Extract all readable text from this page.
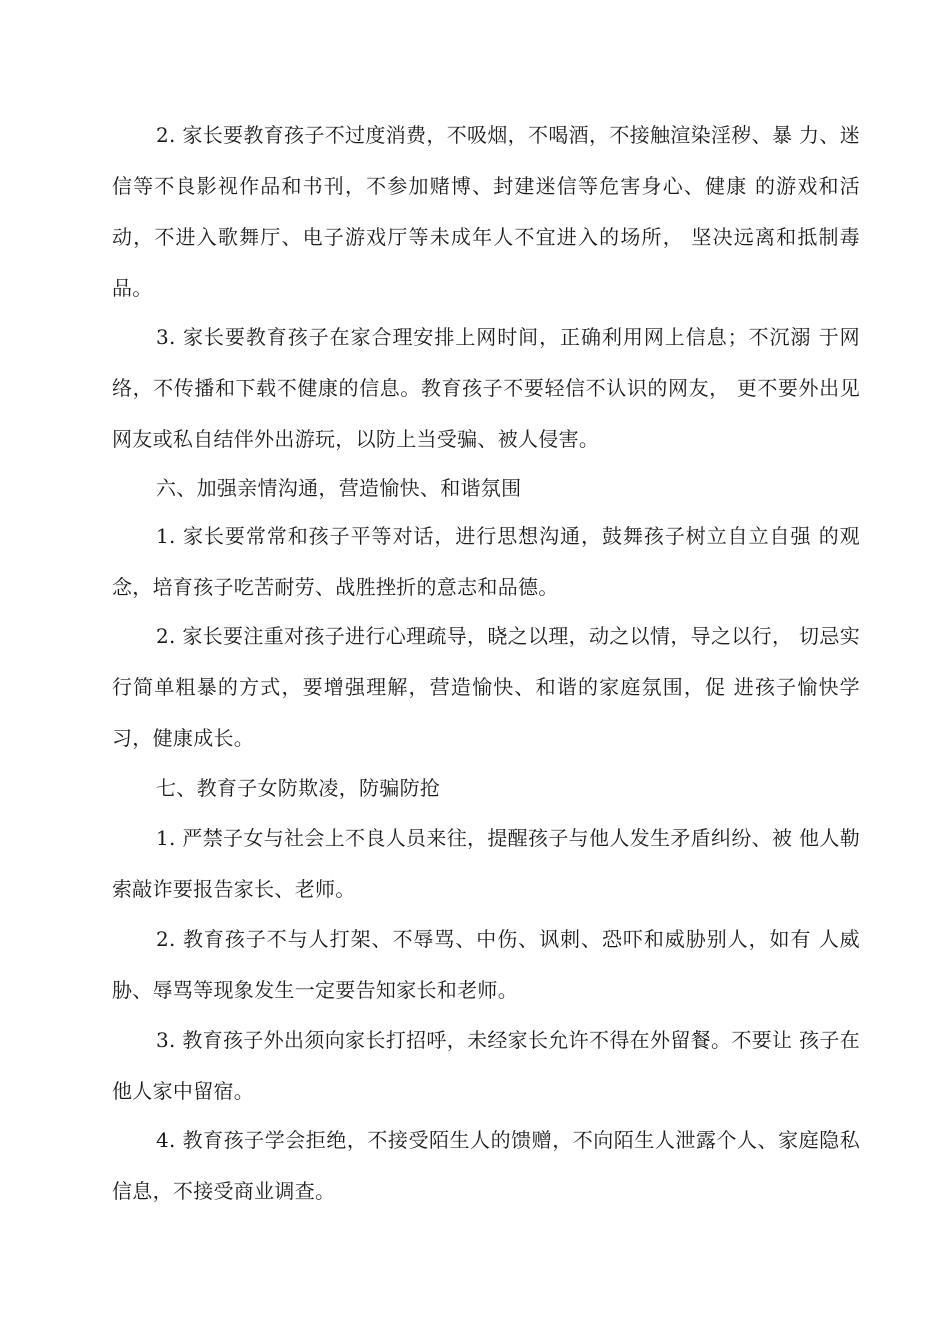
2. 家长要教育孩子不过度消费，不吸烟，不喝酒，不接触渲染淫秽、暴 力、迷信等不良影视作品和书刊，不参加赌博、封建迷信等危害身心、健康 的游戏和活动，不进入歌舞厅、电子游戏厅等未成年人不宜进入的场所， 坚决远离和抵制毒品。

3. 家长要教育孩子在家合理安排上网时间，正确利用网上信息；不沉溺 于网络，不传播和下载不健康的信息。教育孩子不要轻信不认识的网友， 更不要外出见网友或私自结伴外出游玩，以防上当受骗、被人侵害。

六、加强亲情沟通，营造愉快、和谐氛围

1. 家长要常常和孩子平等对话，进行思想沟通，鼓舞孩子树立自立自强 的观念，培育孩子吃苦耐劳、战胜挫折的意志和品德。

2. 家长要注重对孩子进行心理疏导，晓之以理，动之以情，导之以行， 切忌实行简单粗暴的方式，要增强理解，营造愉快、和谐的家庭氛围，促 进孩子愉快学习，健康成长。

七、教育子女防欺凌，防骗防抢

1. 严禁子女与社会上不良人员来往，提醒孩子与他人发生矛盾纠纷、被 他人勒索敲诈要报告家长、老师。

2. 教育孩子不与人打架、不辱骂、中伤、讽刺、恐吓和威胁别人，如有 人威胁、辱骂等现象发生一定要告知家长和老师。

3. 教育孩子外出须向家长打招呼，未经家长允许不得在外留餐。不要让 孩子在他人家中留宿。

4. 教育孩子学会拒绝，不接受陌生人的馈赠，不向陌生人泄露个人、家庭隐私信息，不接受商业调查。
